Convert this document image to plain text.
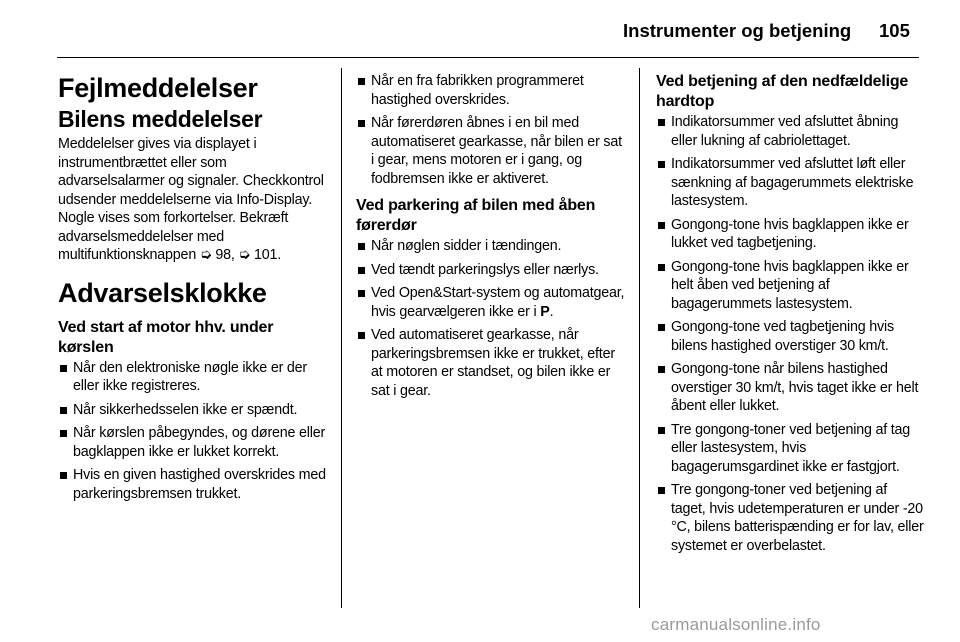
Instrumenter og betjening 105
Fejlmeddelelser
Bilens meddelelser

Meddelelser gives via displayet i instrumentbrættet eller som advarselsalarmer og signaler. Checkkontrol udsender meddelelserne via Info-Display. Nogle vises som forkortelser. Bekræft advarselsmeddelelser med multifunktionsknappen ➭ 98, ➭ 101.

Advarselsklokke
Ved start af motor hhv. under kørslen
Når den elektroniske nøgle ikke er der eller ikke registreres.
Når sikkerhedsselen ikke er spændt.
Når kørslen påbegyndes, og dørene eller bagklappen ikke er lukket korrekt.
Hvis en given hastighed overskrides med parkeringsbremsen trukket.
Når en fra fabrikken programmeret hastighed overskrides.
Når førerdøren åbnes i en bil med automatiseret gearkasse, når bilen er sat i gear, mens motoren er i gang, og fodbremsen ikke er aktiveret.
Ved parkering af bilen med åben førerdør
Når nøglen sidder i tændingen.
Ved tændt parkeringslys eller nærlys.
Ved Open&Start-system og automatgear, hvis gearvælgeren ikke er i P.
Ved automatiseret gearkasse, når parkeringsbremsen ikke er trukket, efter at motoren er standset, og bilen ikke er sat i gear.
Ved betjening af den nedfældelige hardtop
Indikatorsummer ved afsluttet åbning eller lukning af cabriolettaget.
Indikatorsummer ved afsluttet løft eller sænkning af bagagerummets elektriske lastesystem.
Gongong-tone hvis bagklappen ikke er lukket ved tagbetjening.
Gongong-tone hvis bagklappen ikke er helt åben ved betjening af bagagerummets lastesystem.
Gongong-tone ved tagbetjening hvis bilens hastighed overstiger 30 km/t.
Gongong-tone når bilens hastighed overstiger 30 km/t, hvis taget ikke er helt åbent eller lukket.
Tre gongong-toner ved betjening af tag eller lastesystem, hvis bagagerumsgardinet ikke er fastgjort.
Tre gongong-toner ved betjening af taget, hvis udetemperaturen er under -20 °C, bilens batterispænding er for lav, eller systemet er overbelastet.
carmanualsonline.info
